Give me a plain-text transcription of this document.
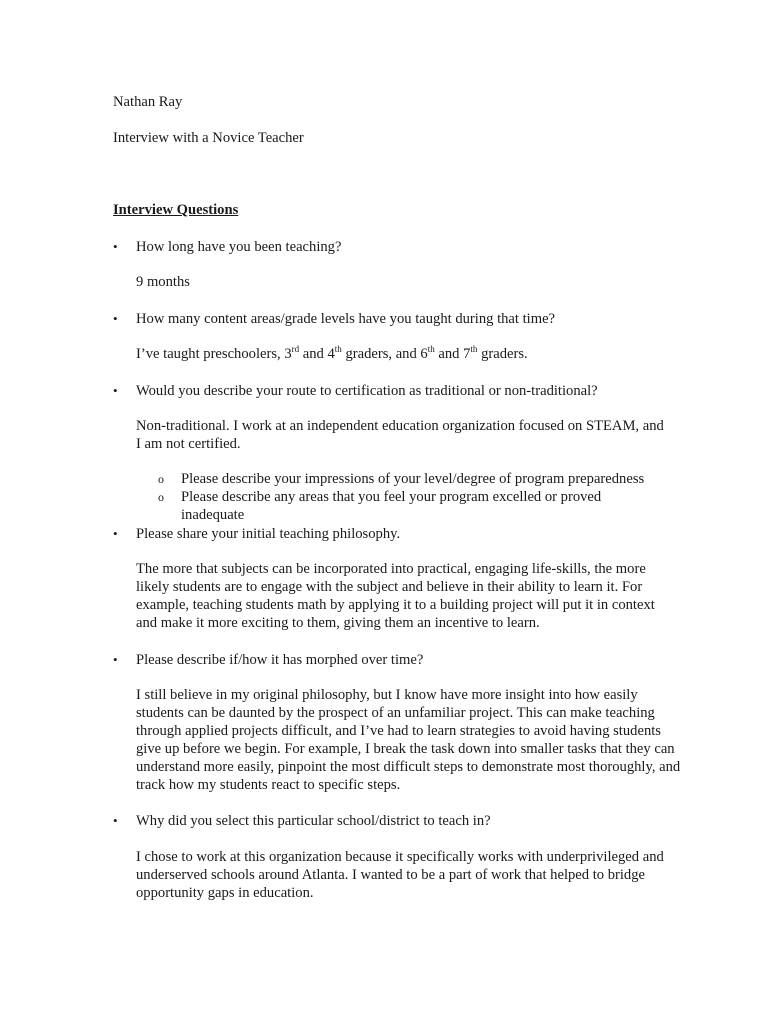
Nathan Ray
Interview with a Novice Teacher
Interview Questions
•	How long have you been teaching?
9 months
•	How many content areas/grade levels have you taught during that time?
I’ve taught preschoolers, 3rd and 4th graders, and 6th and 7th graders.
•	Would you describe your route to certification as traditional or non-traditional?
Non-traditional. I work at an independent education organization focused on STEAM, and I am not certified.
o Please describe your impressions of your level/degree of program preparedness
o Please describe any areas that you feel your program excelled or proved inadequate
•	Please share your initial teaching philosophy.
The more that subjects can be incorporated into practical, engaging life-skills, the more likely students are to engage with the subject and believe in their ability to learn it. For example, teaching students math by applying it to a building project will put it in context and make it more exciting to them, giving them an incentive to learn.
•	Please describe if/how it has morphed over time?
I still believe in my original philosophy, but I know have more insight into how easily students can be daunted by the prospect of an unfamiliar project. This can make teaching through applied projects difficult, and I’ve had to learn strategies to avoid having students give up before we begin. For example, I break the task down into smaller tasks that they can understand more easily, pinpoint the most difficult steps to demonstrate most thoroughly, and track how my students react to specific steps.
•	Why did you select this particular school/district to teach in?
I chose to work at this organization because it specifically works with underprivileged and underserved schools around Atlanta. I wanted to be a part of work that helped to bridge opportunity gaps in education.
